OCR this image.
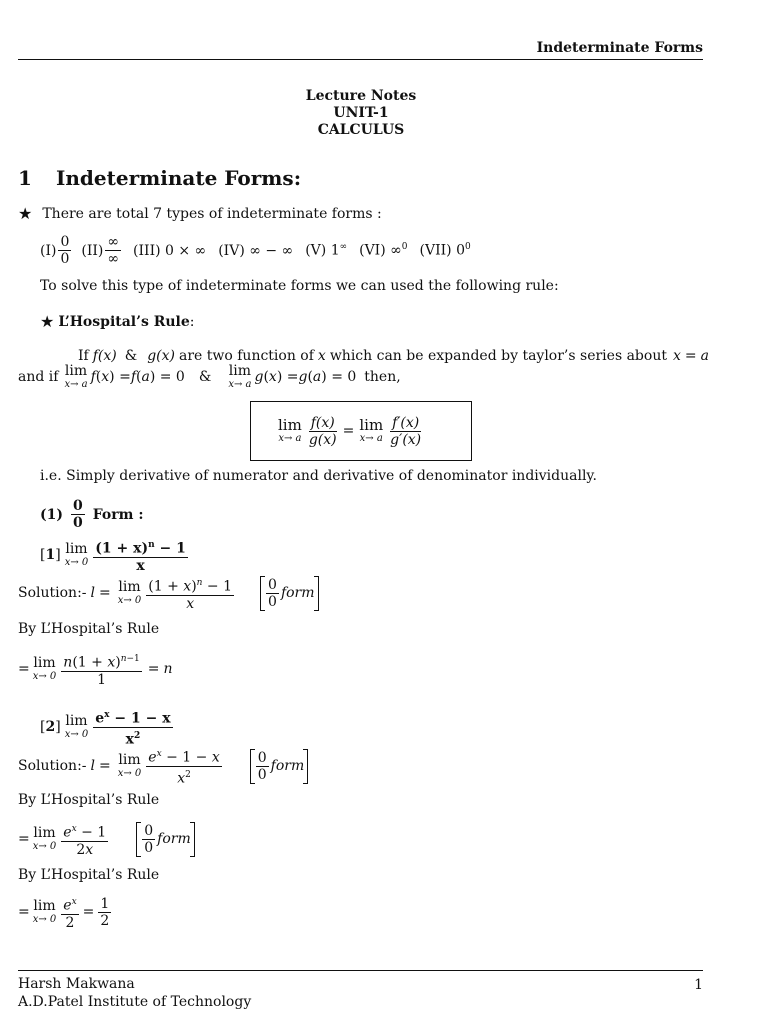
Indeterminate Forms
Lecture Notes
UNIT-1
CALCULUS
1 Indeterminate Forms:
★ There are total 7 types of indeterminate forms :
$(I) \frac{0}{0} (II) \frac{\infty}{\infty} (III) 0$ × ∞ (IV) ∞ − ∞ (V) 1∞ (VI) ∞$^0$ (VII) $0^0$
To solve this type of indeterminate forms we can used the following rule:
★ L’Hospital’s Rule :
If f(x) & g(x) are two function of x which can be expanded by taylor’s series about x = a
and if lim
x→ a f ( x ) = f ( a ) = 0 & lim
x→ a g ( x ) = g ( a ) = 0 then,
lim
x→ a $\frac{f(x)}{g(x)} = \lim$
x→ a $\frac{f'(x)}{g'(x)}$
i.e. Simply derivative of numerator and derivative of denominator individually.
$(1) \frac{0}{0}$ Form :
[ 1 ] lim
$x\to 0 \frac{(1 + x)^n - 1}{x}$
Solution:- l = lim
$x\to 0 \frac{(1 + x)^n - 1}{x} \frac{0}{0}$ form
By L’Hospital’s Rule
= lim
$x\to 0 \frac{n(1 + x)^{n-1}}{1} = n$
[ 2 ] lim
$x\to 0 \frac{e^x - 1 - x}{x^2}$
Solution:- l = lim
$x\to 0 \frac{e^x - 1 - x}{x^2} \frac{0}{0}$ form
By L’Hospital’s Rule
= lim
$x\to 0 \frac{e^x - 1}{2x} \frac{0}{0}$ form
By L’Hospital’s Rule
= lim
$x\to 0 \frac{e^x}{2} = \frac{1}{2}$
Harsh Makwana
A.D.Patel Institute of Technology
1
